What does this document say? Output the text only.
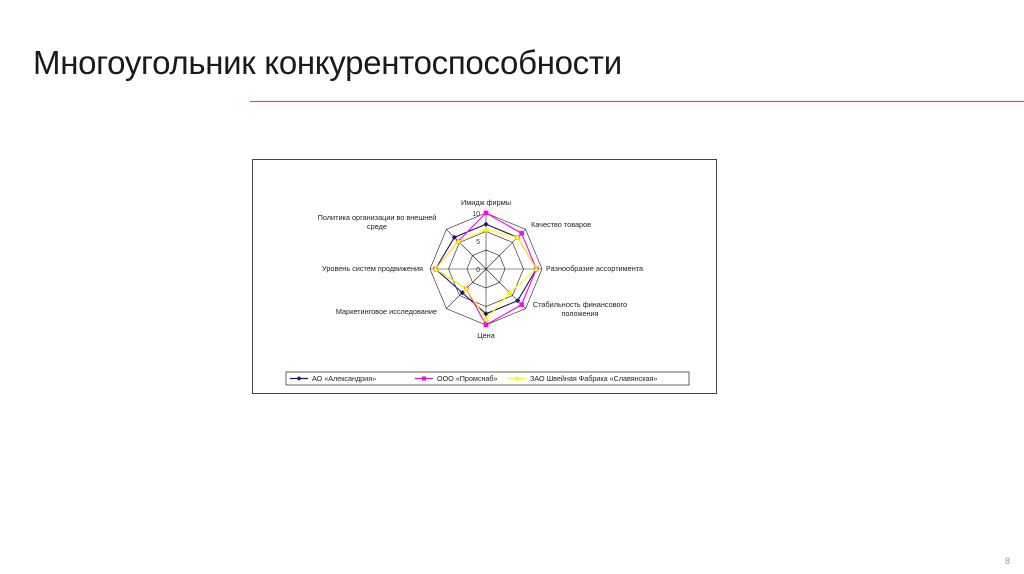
Многоугольник конкурентоспособности
0
5
10
Имидж фирмы
Качество товаров
Разнообразие ассортимента
Стабильность финансового положения
Цена
Маркетинговое исследование
Уровень систем продвижения
Политика организации во внешней среде
АО «Александрия»	ООО «Промснаб»	ЗАО Швейная Фабрика «Славянская»
8
